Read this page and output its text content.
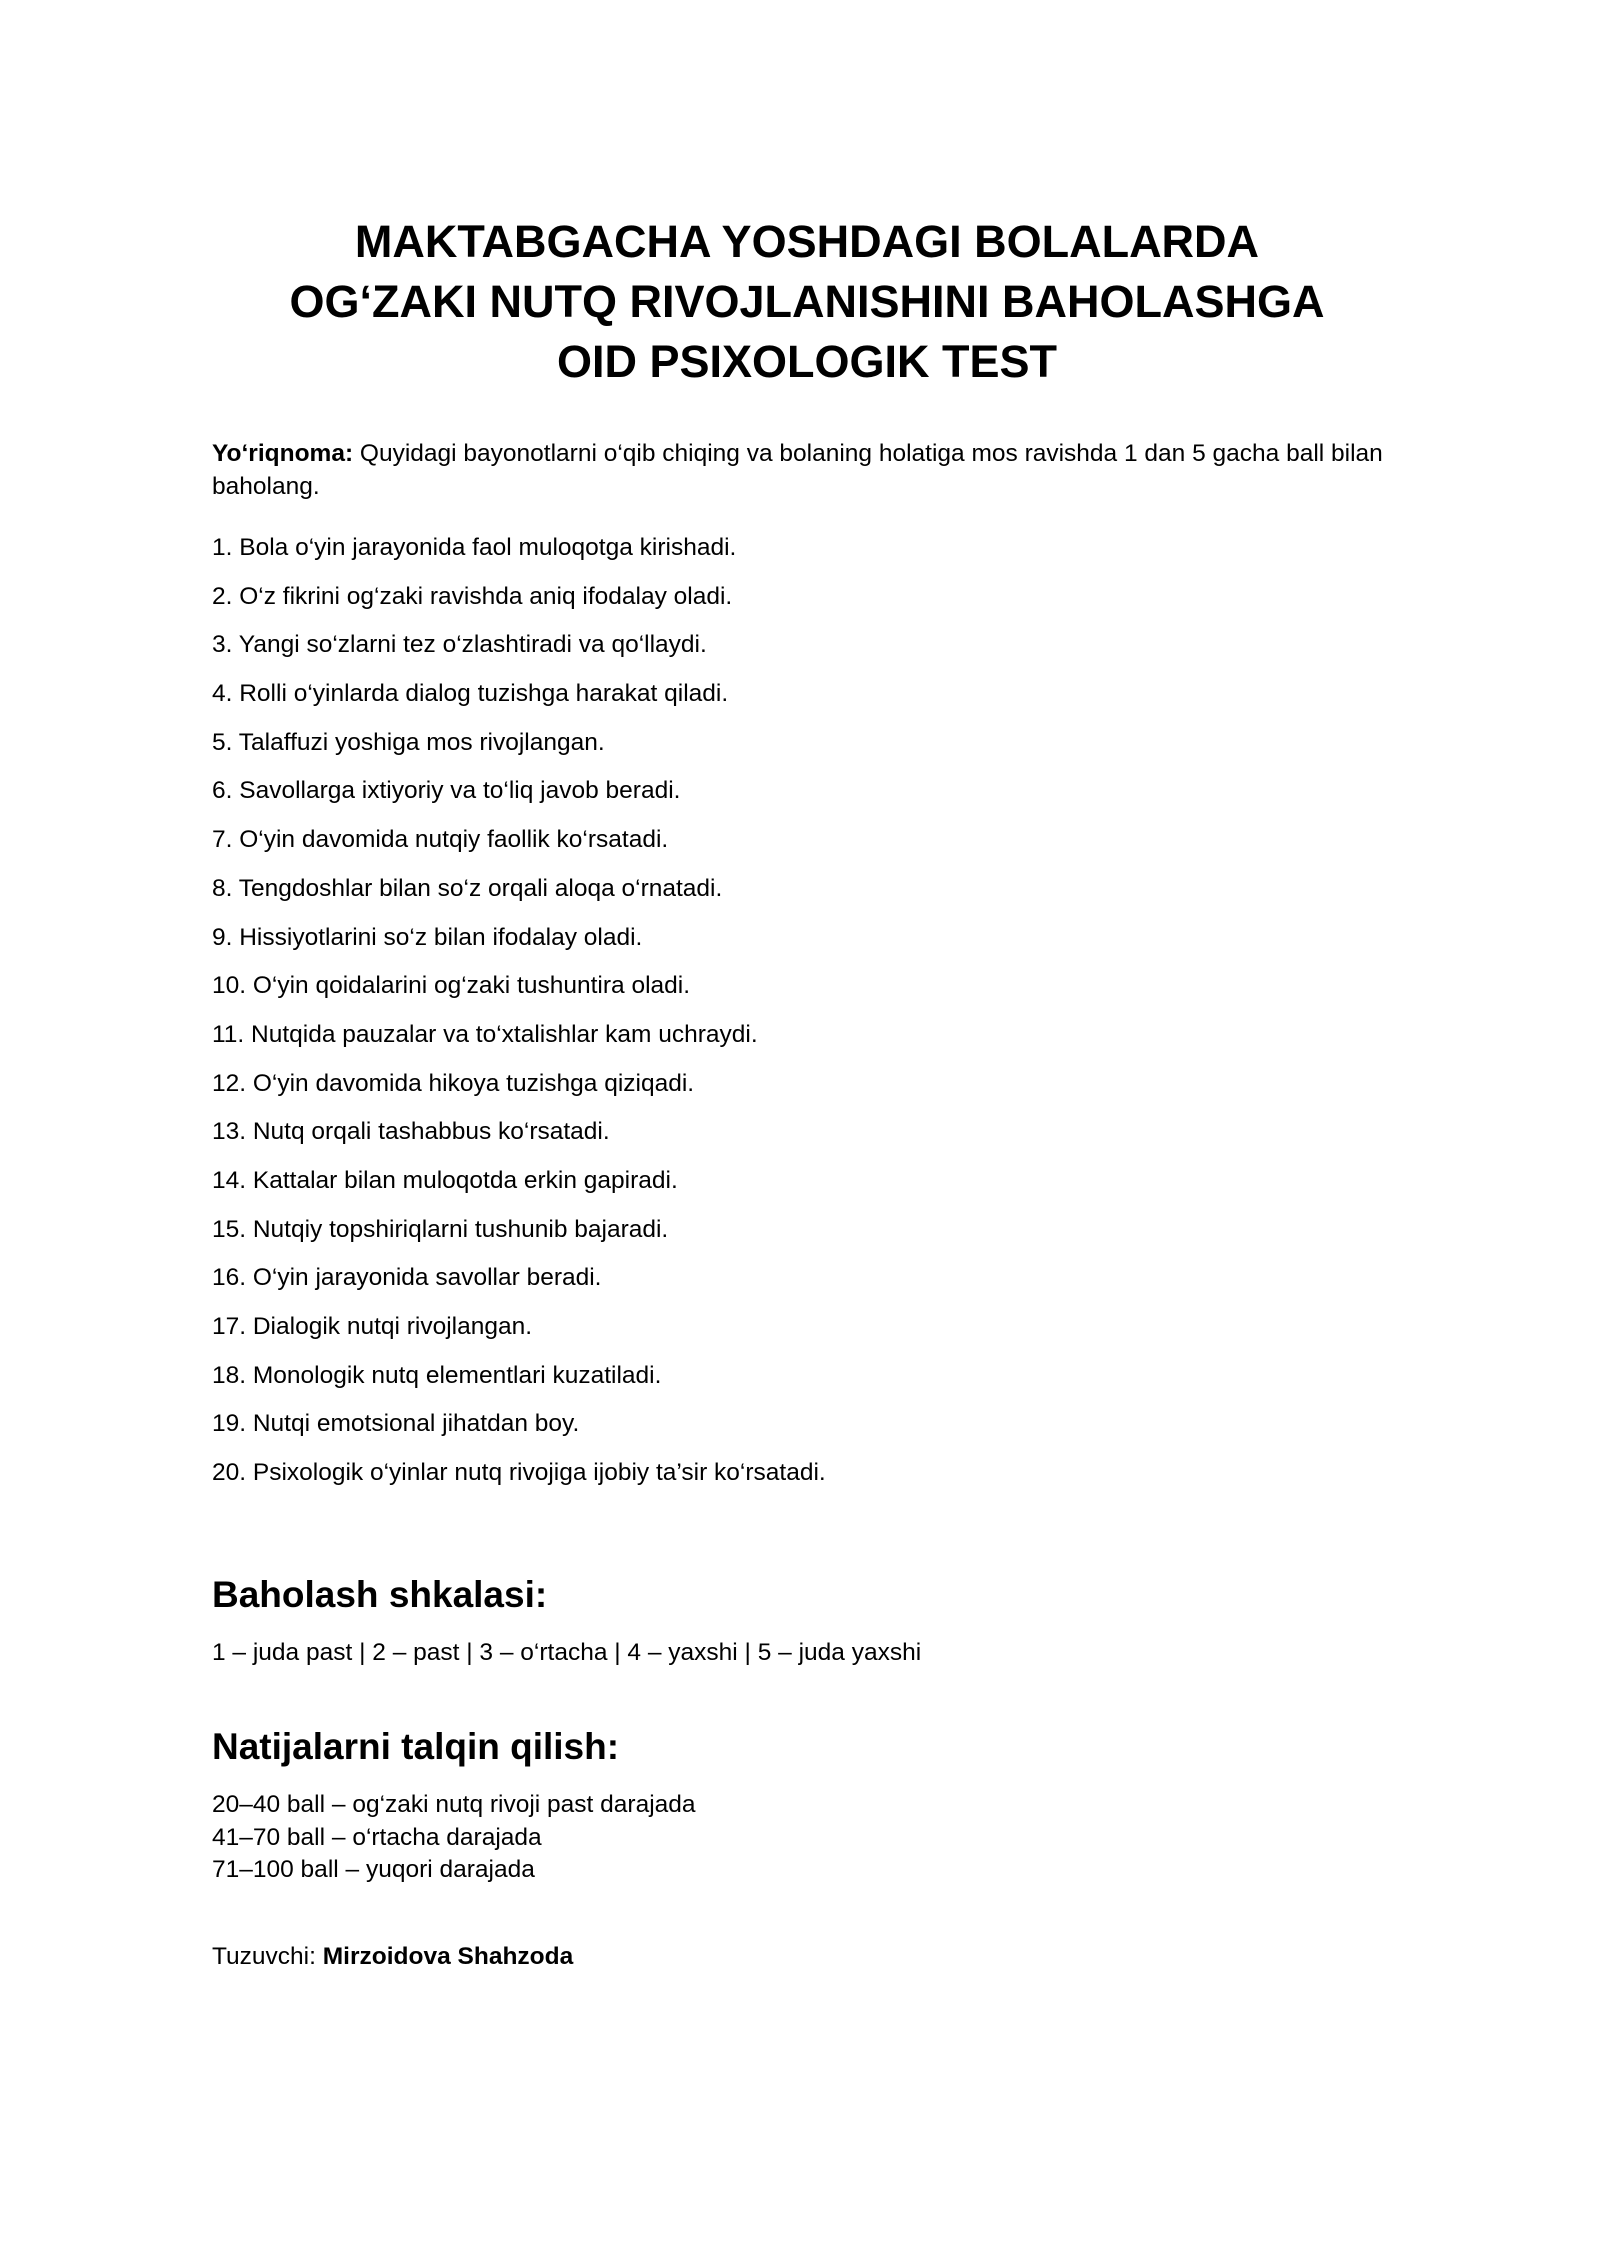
MAKTABGACHA YOSHDAGI BOLALARDA
OG‘ZAKI NUTQ RIVOJLANISHINI BAHOLASHGA
OID PSIXOLOGIK TEST

Yo‘riqnoma: Quyidagi bayonotlarni o‘qib chiqing va bolaning holatiga mos ravishda 1 dan 5 gacha ball bilan baholang.

1. Bola o‘yin jarayonida faol muloqotga kirishadi.
2. O‘z fikrini og‘zaki ravishda aniq ifodalay oladi.
3. Yangi so‘zlarni tez o‘zlashtiradi va qo‘llaydi.
4. Rolli o‘yinlarda dialog tuzishga harakat qiladi.
5. Talaffuzi yoshiga mos rivojlangan.
6. Savollarga ixtiyoriy va to‘liq javob beradi.
7. O‘yin davomida nutqiy faollik ko‘rsatadi.
8. Tengdoshlar bilan so‘z orqali aloqa o‘rnatadi.
9. Hissiyotlarini so‘z bilan ifodalay oladi.
10. O‘yin qoidalarini og‘zaki tushuntira oladi.
11. Nutqida pauzalar va to‘xtalishlar kam uchraydi.
12. O‘yin davomida hikoya tuzishga qiziqadi.
13. Nutq orqali tashabbus ko‘rsatadi.
14. Kattalar bilan muloqotda erkin gapiradi.
15. Nutqiy topshiriqlarni tushunib bajaradi.
16. O‘yin jarayonida savollar beradi.
17. Dialogik nutqi rivojlangan.
18. Monologik nutq elementlari kuzatiladi.
19. Nutqi emotsional jihatdan boy.
20. Psixologik o‘yinlar nutq rivojiga ijobiy ta’sir ko‘rsatadi.
Baholash shkalasi:

1 – juda past | 2 – past | 3 – o‘rtacha | 4 – yaxshi | 5 – juda yaxshi

Natijalarni talqin qilish:
20–40 ball – og‘zaki nutq rivoji past darajada
41–70 ball – o‘rtacha darajada
71–100 ball – yuqori darajada

Tuzuvchi: Mirzoidova Shahzoda
